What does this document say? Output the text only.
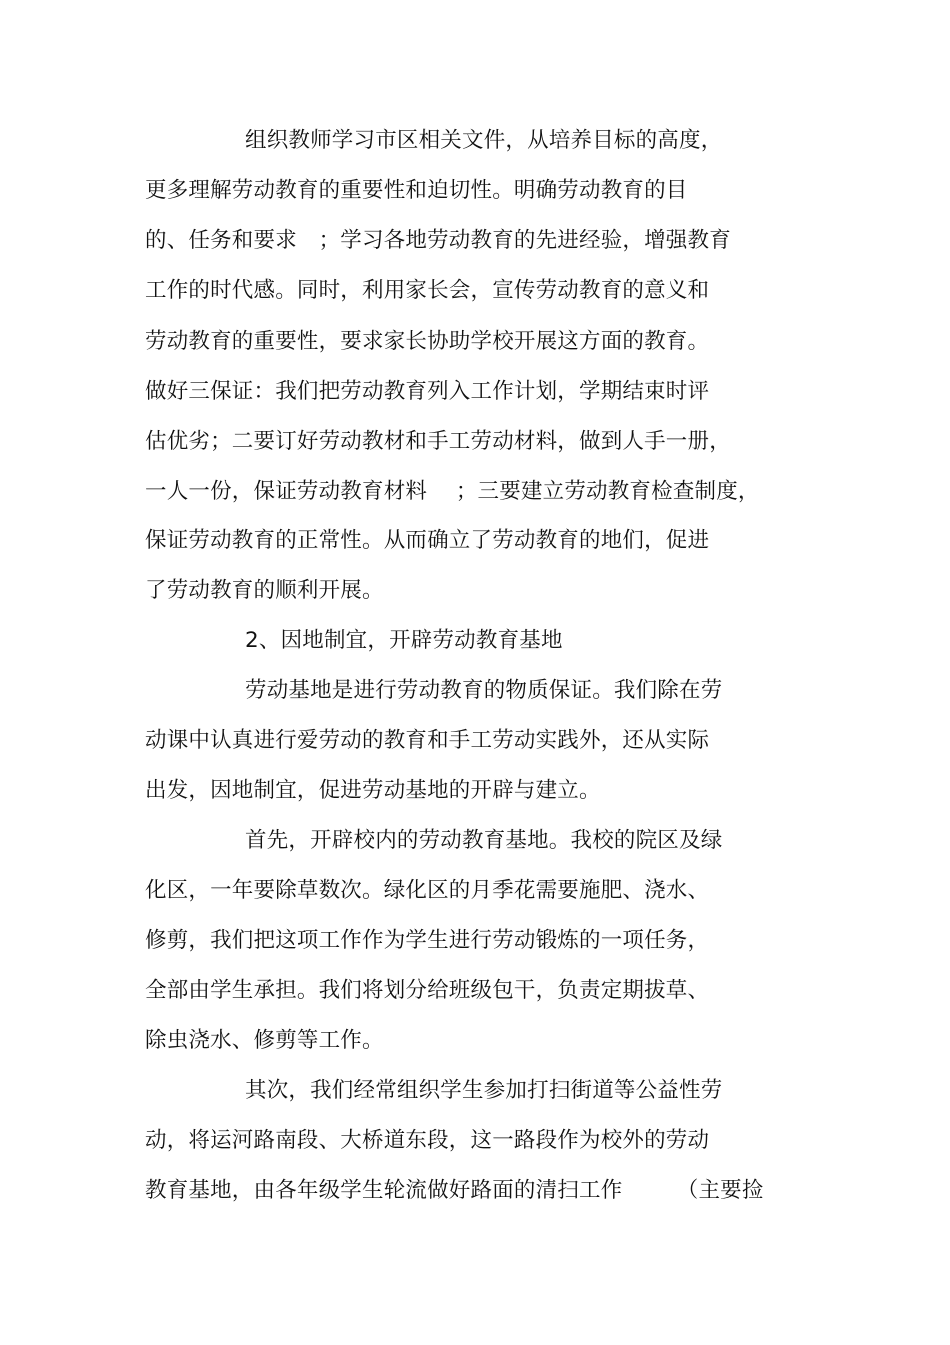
组织教师学习市区相关文件，从培养目标的高度，
更多理解劳动教育的重要性和迫切性。明确劳动教育的目
的、任务和要求　；学习各地劳动教育的先进经验，增强教育
工作的时代感。同时，利用家长会，宣传劳动教育的意义和
劳动教育的重要性，要求家长协助学校开展这方面的教育。
做好三保证：我们把劳动教育列入工作计划，学期结束时评
估优劣；二要订好劳动教材和手工劳动材料，做到人手一册，
一人一份，保证劳动教育材料　 ；三要建立劳动教育检查制度，
保证劳动教育的正常性。从而确立了劳动教育的地们，促进
了劳动教育的顺利开展。
2、因地制宜，开辟劳动教育基地
劳动基地是进行劳动教育的物质保证。我们除在劳
动课中认真进行爱劳动的教育和手工劳动实践外，还从实际
出发，因地制宜，促进劳动基地的开辟与建立。
首先，开辟校内的劳动教育基地。我校的院区及绿
化区，一年要除草数次。绿化区的月季花需要施肥、浇水、
修剪，我们把这项工作作为学生进行劳动锻炼的一项任务，
全部由学生承担。我们将划分给班级包干，负责定期拔草、
除虫浇水、修剪等工作。
其次，我们经常组织学生参加打扫街道等公益性劳
动，将运河路南段、大桥道东段，这一路段作为校外的劳动
教育基地，由各年级学生轮流做好路面的清扫工作　　　（主要捡
